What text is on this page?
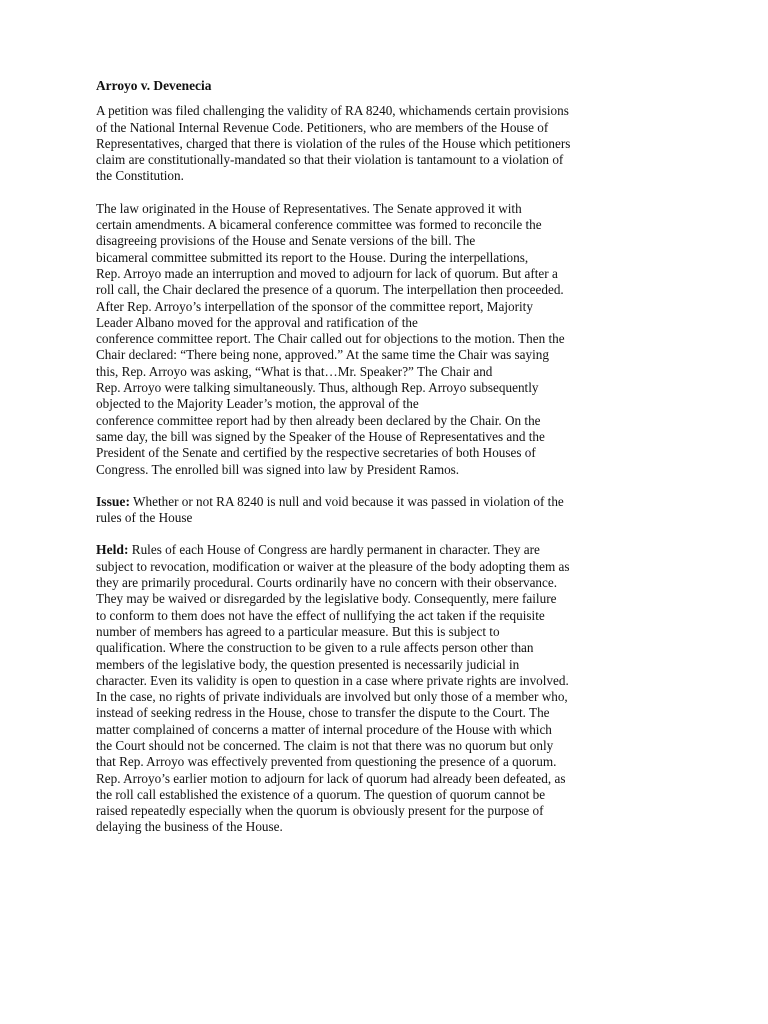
Arroyo v. Devenecia
A petition was filed challenging the validity of RA 8240, whichamends certain provisions
of the National Internal Revenue Code. Petitioners, who are members of the House of
Representatives, charged that there is violation of the rules of the House which petitioners
claim are constitutionally-mandated so that their violation is tantamount to a violation of
the Constitution.
The law originated in the House of Representatives. The Senate approved it with
certain amendments. A bicameral conference committee was formed to reconcile the
disagreeing provisions of the House and Senate versions of the bill. The
bicameral committee submitted its report to the House. During the interpellations,
Rep. Arroyo made an interruption and moved to adjourn for lack of quorum. But after a
roll call, the Chair declared the presence of a quorum. The interpellation then proceeded.
After Rep. Arroyo’s interpellation of the sponsor of the committee report, Majority
Leader Albano moved for the approval and ratification of the
conference committee report. The Chair called out for objections to the motion. Then the
Chair declared: “There being none, approved.” At the same time the Chair was saying
this, Rep. Arroyo was asking, “What is that…Mr. Speaker?” The Chair and
Rep. Arroyo were talking simultaneously. Thus, although Rep. Arroyo subsequently
objected to the Majority Leader’s motion, the approval of the
conference committee report had by then already been declared by the Chair. On the
same day, the bill was signed by the Speaker of the House of Representatives and the
President of the Senate and certified by the respective secretaries of both Houses of
Congress. The enrolled bill was signed into law by President Ramos.
Issue: Whether or not RA 8240 is null and void because it was passed in violation of the
rules of the House
Held: Rules of each House of Congress are hardly permanent in character. They are
subject to revocation, modification or waiver at the pleasure of the body adopting them as
they are primarily procedural. Courts ordinarily have no concern with their observance.
They may be waived or disregarded by the legislative body. Consequently, mere failure
to conform to them does not have the effect of nullifying the act taken if the requisite
number of members has agreed to a particular measure. But this is subject to
qualification. Where the construction to be given to a rule affects person other than
members of the legislative body, the question presented is necessarily judicial in
character. Even its validity is open to question in a case where private rights are involved.
In the case, no rights of private individuals are involved but only those of a member who,
instead of seeking redress in the House, chose to transfer the dispute to the Court. The
matter complained of concerns a matter of internal procedure of the House with which
the Court should not be concerned. The claim is not that there was no quorum but only
that Rep. Arroyo was effectively prevented from questioning the presence of a quorum.
Rep. Arroyo’s earlier motion to adjourn for lack of quorum had already been defeated, as
the roll call established the existence of a quorum. The question of quorum cannot be
raised repeatedly especially when the quorum is obviously present for the purpose of
delaying the business of the House.
